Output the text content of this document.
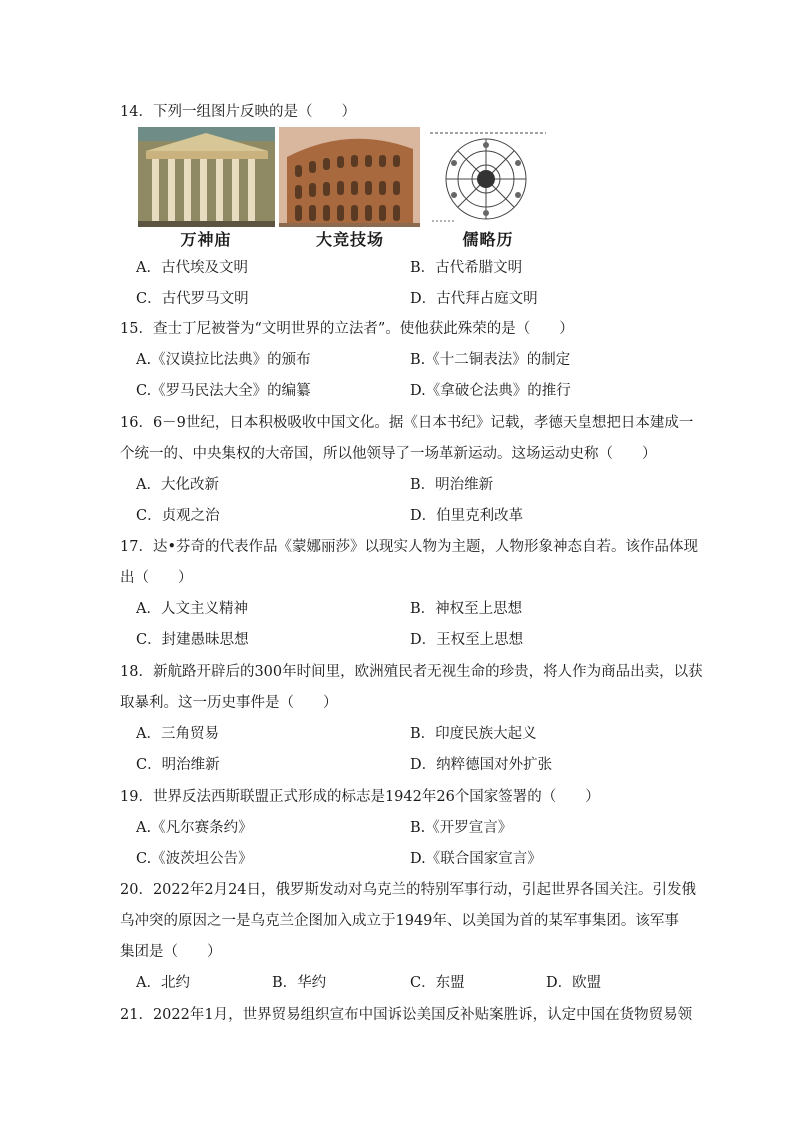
14．下列一组图片反映的是（　　）
万神庙	大竞技场	儒略历
A．古代埃及文明	B．古代希腊文明
C．古代罗马文明	D．古代拜占庭文明
15．查士丁尼被誉为“文明世界的立法者”。使他获此殊荣的是（　　）
A.《汉谟拉比法典》的颁布	B.《十二铜表法》的制定
C.《罗马民法大全》的编纂	D.《拿破仑法典》的推行
16．6－9世纪，日本积极吸收中国文化。据《日本书纪》记载，孝德天皇想把日本建成一
个统一的、中央集权的大帝国，所以他领导了一场革新运动。这场运动史称（　　）
A．大化改新	B．明治维新
C．贞观之治	D．伯里克利改革
17．达•芬奇的代表作品《蒙娜丽莎》以现实人物为主题，人物形象神态自若。该作品体现
出（　　）
A．人文主义精神	B．神权至上思想
C．封建愚昧思想	D．王权至上思想
18．新航路开辟后的300年时间里，欧洲殖民者无视生命的珍贵，将人作为商品出卖，以获
取暴利。这一历史事件是（　　）
A．三角贸易	B．印度民族大起义
C．明治维新	D．纳粹德国对外扩张
19．世界反法西斯联盟正式形成的标志是1942年26个国家签署的（　　）
A.《凡尔赛条约》	B.《开罗宣言》
C.《波茨坦公告》	D.《联合国家宣言》
20．2022年2月24日，俄罗斯发动对乌克兰的特别军事行动，引起世界各国关注。引发俄
乌冲突的原因之一是乌克兰企图加入成立于1949年、以美国为首的某军事集团。该军事
集团是（　　）
A．北约	B．华约	C．东盟	D．欧盟
21．2022年1月，世界贸易组织宣布中国诉讼美国反补贴案胜诉，认定中国在货物贸易领
